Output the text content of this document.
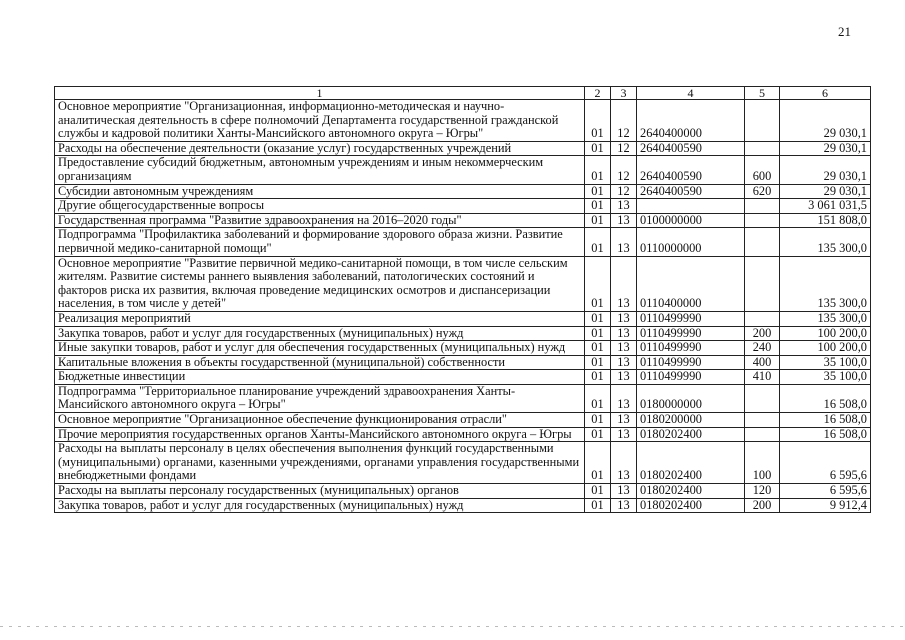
21
1	2	3	4	5	6
Основное мероприятие "Организационная, информационно-методическая и научно-аналитическая деятельность в сфере полномочий Департамента государственной гражданской службы и кадровой политики Ханты-Мансийского автономного округа – Югры"	01	12	2640400000		29 030,1
Расходы на обеспечение деятельности (оказание услуг) государственных учреждений	01	12	2640400590		29 030,1
Предоставление субсидий бюджетным, автономным учреждениям и иным некоммерческим организациям	01	12	2640400590	600	29 030,1
Субсидии автономным учреждениям	01	12	2640400590	620	29 030,1
Другие общегосударственные вопросы	01	13			3 061 031,5
Государственная программа "Развитие здравоохранения на 2016–2020 годы"	01	13	0100000000		151 808,0
Подпрограмма "Профилактика заболеваний и формирование здорового образа жизни. Развитие первичной медико-санитарной помощи"	01	13	0110000000		135 300,0
Основное мероприятие "Развитие первичной медико-санитарной помощи, в том числе сельским жителям. Развитие системы раннего выявления заболеваний, патологических состояний и факторов риска их развития, включая проведение медицинских осмотров и диспансеризации населения, в том числе у детей"	01	13	0110400000		135 300,0
Реализация мероприятий	01	13	0110499990		135 300,0
Закупка товаров, работ и услуг для государственных (муниципальных) нужд	01	13	0110499990	200	100 200,0
Иные закупки товаров, работ и услуг для обеспечения государственных (муниципальных) нужд	01	13	0110499990	240	100 200,0
Капитальные вложения в объекты государственной (муниципальной) собственности	01	13	0110499990	400	35 100,0
Бюджетные инвестиции	01	13	0110499990	410	35 100,0
Подпрограмма "Территориальное планирование учреждений здравоохранения Ханты-Мансийского автономного округа – Югры"	01	13	0180000000		16 508,0
Основное мероприятие "Организационное обеспечение функционирования отрасли"	01	13	0180200000		16 508,0
Прочие мероприятия государственных органов Ханты-Мансийского автономного округа – Югры	01	13	0180202400		16 508,0
Расходы на выплаты персоналу в целях обеспечения выполнения функций государственными (муниципальными) органами, казенными учреждениями, органами управления государственными внебюджетными фондами	01	13	0180202400	100	6 595,6
Расходы на выплаты персоналу государственных (муниципальных) органов	01	13	0180202400	120	6 595,6
Закупка товаров, работ и услуг для государственных (муниципальных) нужд	01	13	0180202400	200	9 912,4
